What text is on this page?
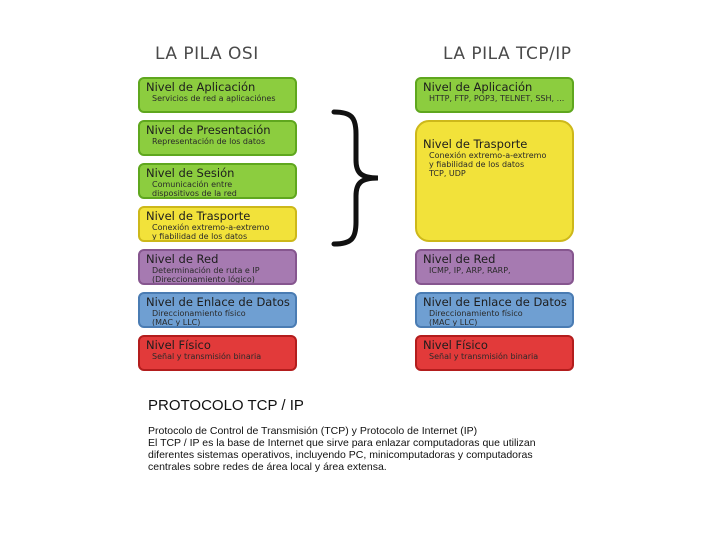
LA PILA OSI	LA PILA TCP/IP
Nivel de Aplicación
Servicios de red a aplicaciónes
Nivel de Presentación
Representación de los datos
Nivel de Sesión
Comunicación entre
dispositivos de la red
Nivel de Trasporte
Conexión extremo-a-extremo
y fiabilidad de los datos
Nivel de Red
Determinación de ruta e IP
(Direccionamiento lógico)
Nivel de Enlace de Datos
Direccionamiento físico
(MAC y LLC)
Nivel Físico
Señal y transmisión binaria
Nivel de Aplicación
HTTP, FTP, POP3, TELNET, SSH, ...
Nivel de Trasporte
Conexión extremo-a-extremo
y fiabilidad de los datos
TCP, UDP
Nivel de Red
ICMP, IP, ARP, RARP,
Nivel de Enlace de Datos
Direccionamiento físico
(MAC y LLC)
Nivel Físico
Señal y transmisión binaria
PROTOCOLO TCP / IP
Protocolo de Control de Transmisión (TCP) y Protocolo de Internet (IP)
El TCP / IP es la base de Internet que sirve para enlazar computadoras que utilizan diferentes sistemas operativos, incluyendo PC, minicomputadoras y computadoras centrales sobre redes de área local y área extensa.
